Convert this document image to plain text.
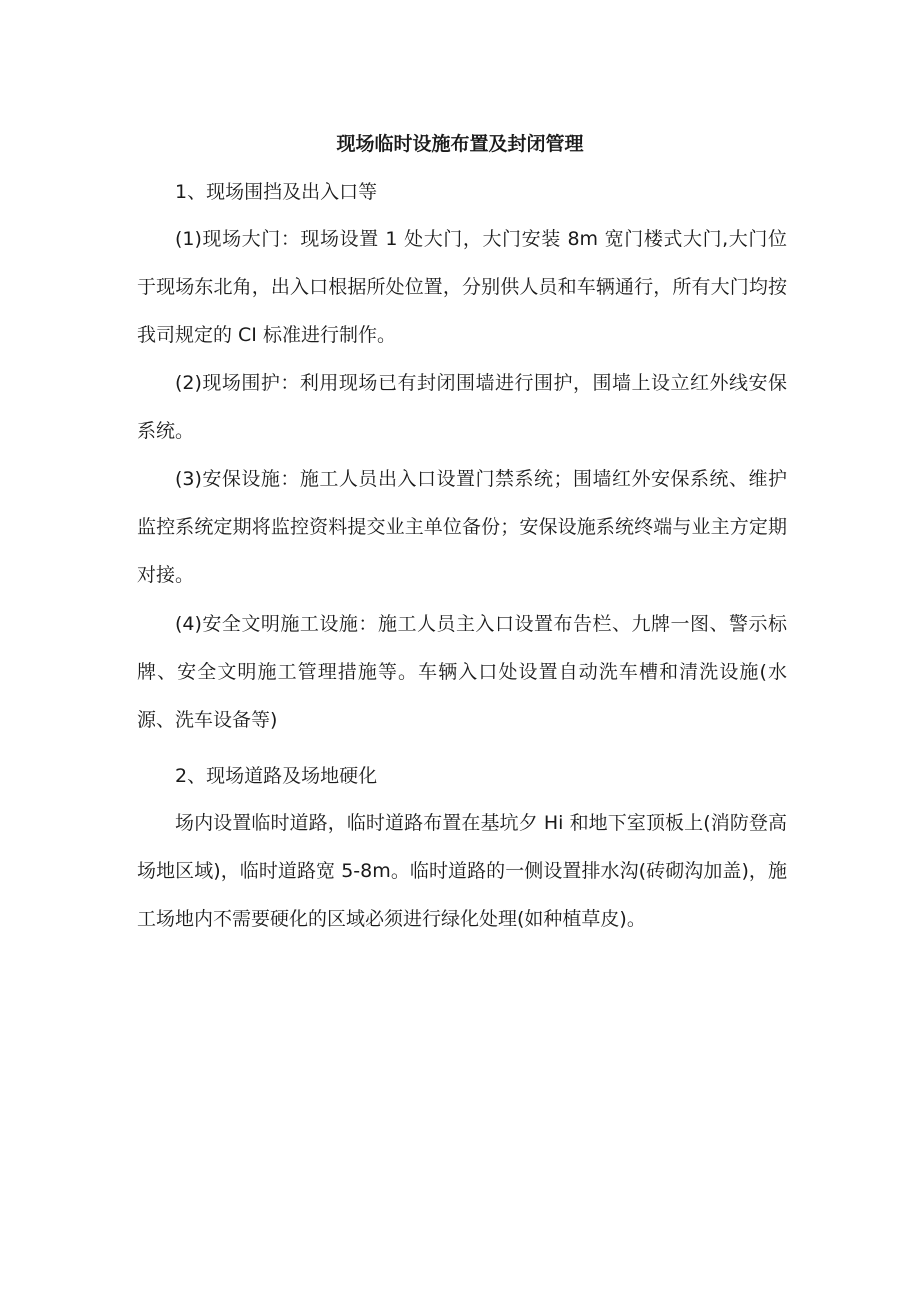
现场临时设施布置及封闭管理

1、现场围挡及出入口等

(1)现场大门：现场设置 1 处大门，大门安装 8m 宽门楼式大门,大门位于现场东北角，出入口根据所处位置，分别供人员和车辆通行，所有大门均按我司规定的 CI 标准进行制作。

(2)现场围护：利用现场已有封闭围墙进行围护，围墙上设立红外线安保系统。

(3)安保设施：施工人员出入口设置门禁系统；围墙红外安保系统、维护监控系统定期将监控资料提交业主单位备份；安保设施系统终端与业主方定期对接。

(4)安全文明施工设施：施工人员主入口设置布告栏、九牌一图、警示标牌、安全文明施工管理措施等。车辆入口处设置自动洗车槽和清洗设施(水源、洗车设备等)

2、现场道路及场地硬化

场内设置临时道路，临时道路布置在基坑夕 Hi 和地下室顶板上(消防登高场地区域)，临时道路宽 5-8m。临时道路的一侧设置排水沟(砖砌沟加盖)，施工场地内不需要硬化的区域必须进行绿化处理(如种植草皮)。
